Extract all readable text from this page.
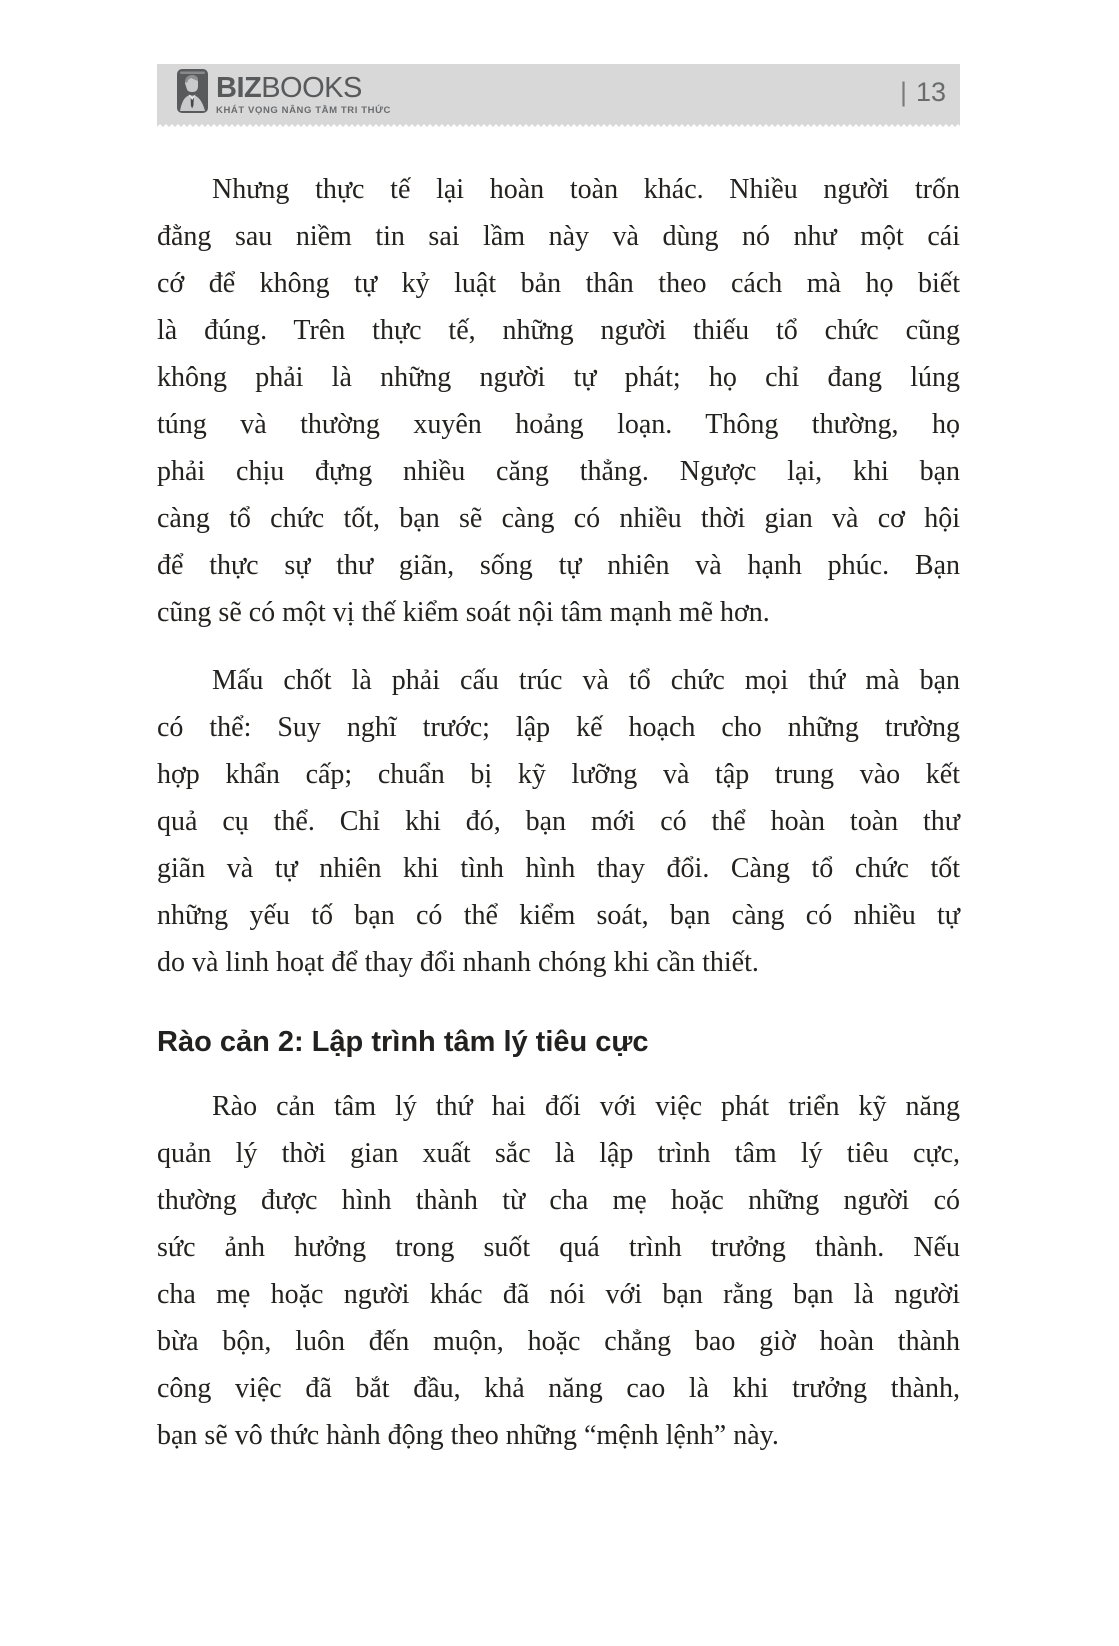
BIZBOOKS
KHÁT VỌNG NÂNG TẦM TRI THỨC
| 13
Nhưng thực tế lại hoàn toàn khác. Nhiều người trốn
đằng sau niềm tin sai lầm này và dùng nó như một cái
cớ để không tự kỷ luật bản thân theo cách mà họ biết
là đúng. Trên thực tế, những người thiếu tổ chức cũng
không phải là những người tự phát; họ chỉ đang lúng
túng và thường xuyên hoảng loạn. Thông thường, họ
phải chịu đựng nhiều căng thẳng. Ngược lại, khi bạn
càng tổ chức tốt, bạn sẽ càng có nhiều thời gian và cơ hội
để thực sự thư giãn, sống tự nhiên và hạnh phúc. Bạn
cũng sẽ có một vị thế kiểm soát nội tâm mạnh mẽ hơn.
Mấu chốt là phải cấu trúc và tổ chức mọi thứ mà bạn
có thể: Suy nghĩ trước; lập kế hoạch cho những trường
hợp khẩn cấp; chuẩn bị kỹ lưỡng và tập trung vào kết
quả cụ thể. Chỉ khi đó, bạn mới có thể hoàn toàn thư
giãn và tự nhiên khi tình hình thay đổi. Càng tổ chức tốt
những yếu tố bạn có thể kiểm soát, bạn càng có nhiều tự
do và linh hoạt để thay đổi nhanh chóng khi cần thiết.
Rào cản 2: Lập trình tâm lý tiêu cực
Rào cản tâm lý thứ hai đối với việc phát triển kỹ năng
quản lý thời gian xuất sắc là lập trình tâm lý tiêu cực,
thường được hình thành từ cha mẹ hoặc những người có
sức ảnh hưởng trong suốt quá trình trưởng thành. Nếu
cha mẹ hoặc người khác đã nói với bạn rằng bạn là người
bừa bộn, luôn đến muộn, hoặc chẳng bao giờ hoàn thành
công việc đã bắt đầu, khả năng cao là khi trưởng thành,
bạn sẽ vô thức hành động theo những “mệnh lệnh” này.
